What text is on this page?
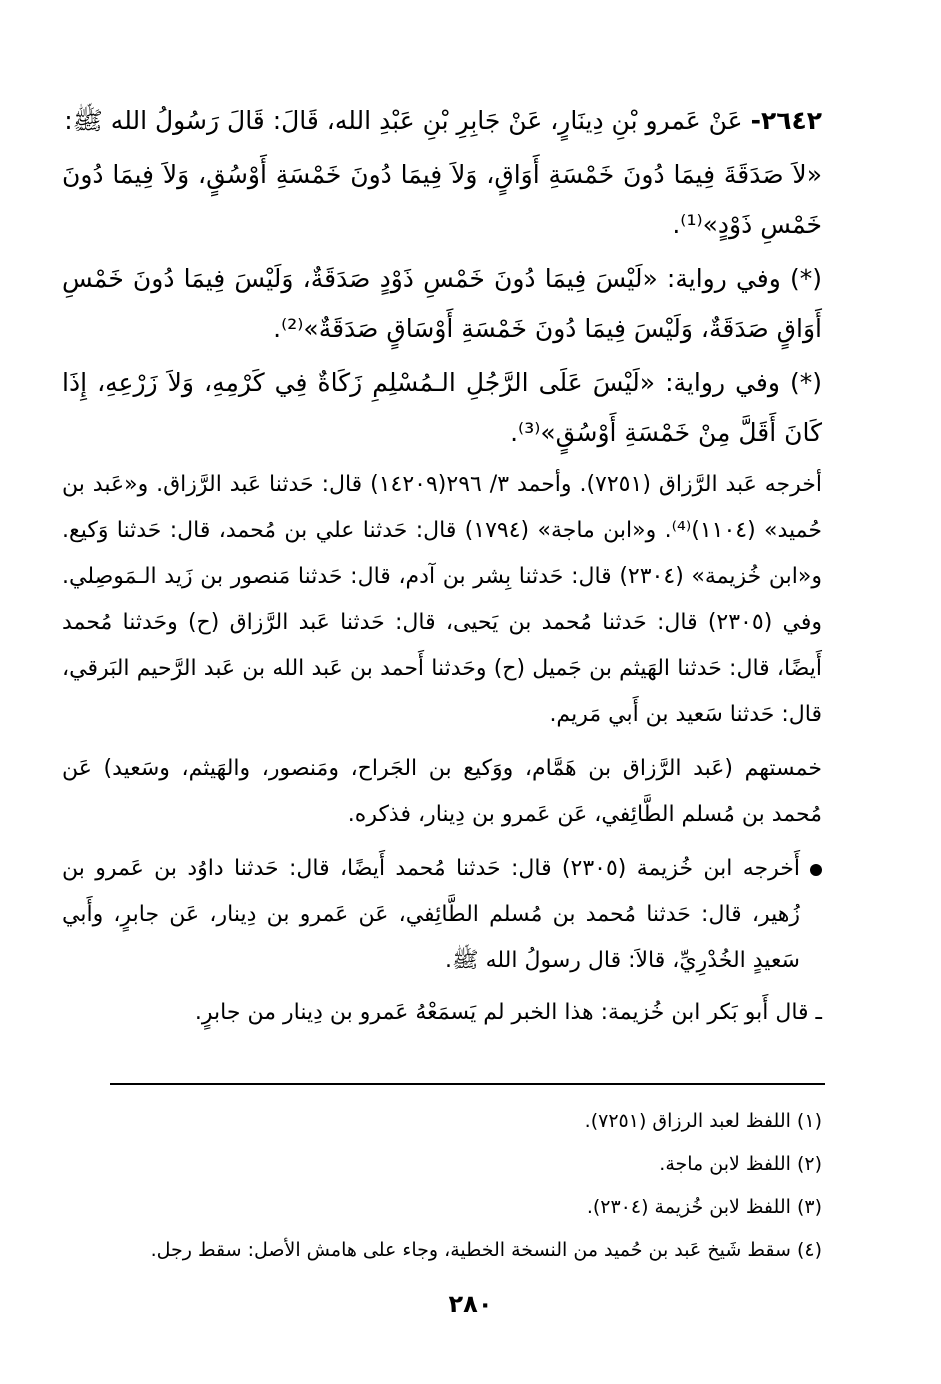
٢٦٤٢- عَنْ عَمرو بْنِ دِينَارٍ، عَنْ جَابِرِ بْنِ عَبْدِ الله، قَالَ: قَالَ رَسُولُ الله ﷺ:

«لاَ صَدَقَةَ فِيمَا دُونَ خَمْسَةِ أَوَاقٍ، وَلاَ فِيمَا دُونَ خَمْسَةِ أَوْسُقٍ، وَلاَ فِيمَا دُونَ خَمْسِ ذَوْدٍ»⁽¹⁾.

(*) وفي رواية: «لَيْسَ فِيمَا دُونَ خَمْسِ ذَوْدٍ صَدَقَةٌ، وَلَيْسَ فِيمَا دُونَ خَمْسِ أَوَاقٍ صَدَقَةٌ، وَلَيْسَ فِيمَا دُونَ خَمْسَةِ أَوْسَاقٍ صَدَقَةٌ»⁽²⁾.

(*) وفي رواية: «لَيْسَ عَلَى الرَّجُلِ الـمُسْلِمِ زَكَاةٌ فِي كَرْمِهِ، وَلاَ زَرْعِهِ، إِذَا كَانَ أَقَلَّ مِنْ خَمْسَةِ أَوْسُقٍ»⁽³⁾.

أخرجه عَبد الرَّزاق (٧٢٥١). وأحمد ٣/ ٢٩٦(١٤٢٠٩) قال: حَدثنا عَبد الرَّزاق. و«عَبد بن حُميد» (١١٠٤)⁽⁴⁾. و«ابن ماجة» (١٧٩٤) قال: حَدثنا علي بن مُحمد، قال: حَدثنا وَكيع. و«ابن خُزيمة» (٢٣٠٤) قال: حَدثنا بِشر بن آدم، قال: حَدثنا مَنصور بن زَيد الـمَوصِلي. وفي (٢٣٠٥) قال: حَدثنا مُحمد بن يَحيى، قال: حَدثنا عَبد الرَّزاق (ح) وحَدثنا مُحمد أَيضًا، قال: حَدثنا الهَيثم بن جَميل (ح) وحَدثنا أَحمد بن عَبد الله بن عَبد الرَّحيم البَرقي، قال: حَدثنا سَعيد بن أَبي مَريم.

خمستهم (عَبد الرَّزاق بن هَمَّام، ووَكيع بن الجَراح، ومَنصور، والهَيثم، وسَعيد) عَن مُحمد بن مُسلم الطَّائِفي، عَن عَمرو بن دِينار، فذكره.

أَخرجه ابن خُزيمة (٢٣٠٥) قال: حَدثنا مُحمد أَيضًا، قال: حَدثنا داوُد بن عَمرو بن زُهير، قال: حَدثنا مُحمد بن مُسلم الطَّائِفي، عَن عَمرو بن دِينار، عَن جابرٍ، وأَبي سَعيدٍ الخُدْرِيِّ، قالاَ: قال رسولُ الله ﷺ.

ـ قال أَبو بَكر ابن خُزيمة: هذا الخبر لم يَسمَعْهُ عَمرو بن دِينار من جابرٍ.

(١) اللفظ لعبد الرزاق (٧٢٥١).

(٢) اللفظ لابن ماجة.

(٣) اللفظ لابن خُزيمة (٢٣٠٤).

(٤) سقط شَيخ عَبد بن حُميد من النسخة الخطية، وجاء على هامش الأصل: سقط رجل.

٢٨٠
